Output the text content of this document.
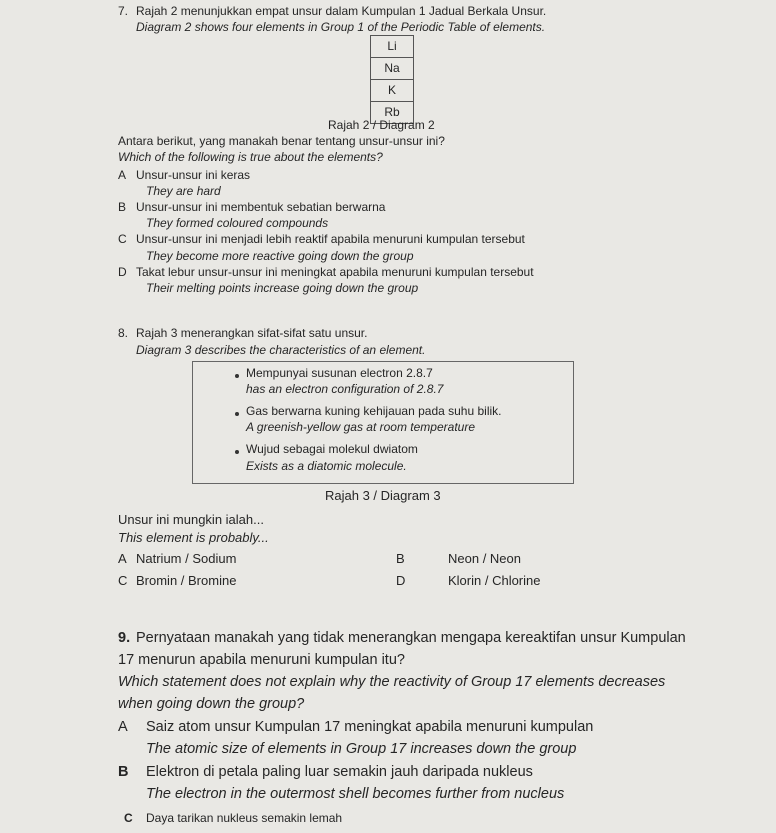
7. Rajah 2 menunjukkan empat unsur dalam Kumpulan 1 Jadual Berkala Unsur.
Diagram 2 shows four elements in Group 1 of the Periodic Table of elements.
Li
Na
K
Rb
Rajah 2 / Diagram 2
Antara berikut, yang manakah benar tentang unsur-unsur ini?
Which of the following is true about the elements?
A Unsur-unsur ini keras
They are hard
B Unsur-unsur ini membentuk sebatian berwarna
They formed coloured compounds
C Unsur-unsur ini menjadi lebih reaktif apabila menuruni kumpulan tersebut
They become more reactive going down the group
D Takat lebur unsur-unsur ini meningkat apabila menuruni kumpulan tersebut
Their melting points increase going down the group
8. Rajah 3 menerangkan sifat-sifat satu unsur.
Diagram 3 describes the characteristics of an element.
Mempunyai susunan electron 2.8.7
has an electron configuration of 2.8.7
Gas berwarna kuning kehijauan pada suhu bilik.
A greenish-yellow gas at room temperature
Wujud sebagai molekul dwiatom
Exists as a diatomic molecule.
Rajah 3 / Diagram 3
Unsur ini mungkin ialah...
This element is probably...
A Natrium / Sodium	B	Neon / Neon
C Bromin / Bromine	D	Klorin / Chlorine
9. Pernyataan manakah yang tidak menerangkan mengapa kereaktifan unsur Kumpulan
17 menurun apabila menuruni kumpulan itu?
Which statement does not explain why the reactivity of Group 17 elements decreases
when going down the group?
A Saiz atom unsur Kumpulan 17 meningkat apabila menuruni kumpulan
The atomic size of elements in Group 17 increases down the group
B Elektron di petala paling luar semakin jauh daripada nukleus
The electron in the outermost shell becomes further from nucleus
C Daya tarikan nukleus semakin lemah
